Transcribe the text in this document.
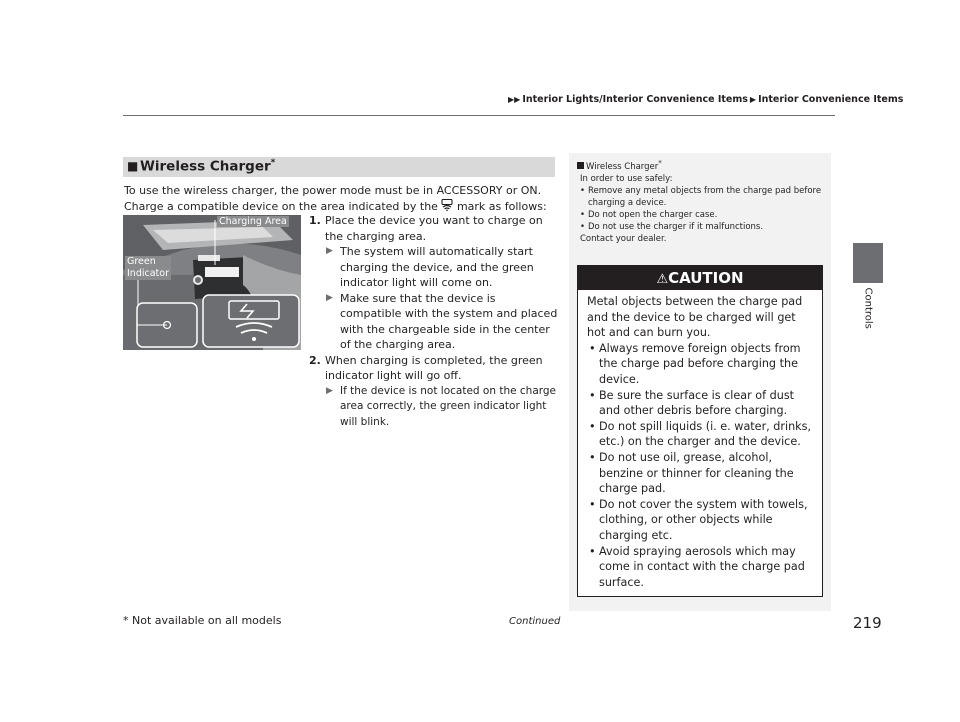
▶▶ Interior Lights/Interior Convenience Items ▶ Interior Convenience Items
Controls
■ Wireless Charger*
To use the wireless charger, the power mode must be in ACCESSORY or ON.
Charge a compatible device on the area indicated by the mark as follows:
Charging Area
Green
Indicator
1. Place the device you want to charge on the charging area.
▶ The system will automatically start charging the device, and the green indicator light will come on.
▶ Make sure that the device is compatible with the system and placed with the chargeable side in the center of the charging area.
2. When charging is completed, the green indicator light will go off.
▶ If the device is not located on the charge area correctly, the green indicator light will blink.
Wireless Charger*
In order to use safely:
• Remove any metal objects from the charge pad before charging a device.
• Do not open the charger case.
• Do not use the charger if it malfunctions.
Contact your dealer.
⚠CAUTION
Metal objects between the charge pad and the device to be charged will get hot and can burn you.
• Always remove foreign objects from the charge pad before charging the device.
• Be sure the surface is clear of dust and other debris before charging.
• Do not spill liquids (i. e. water, drinks, etc.) on the charger and the device.
• Do not use oil, grease, alcohol, benzine or thinner for cleaning the charge pad.
• Do not cover the system with towels, clothing, or other objects while charging etc.
• Avoid spraying aerosols which may come in contact with the charge pad surface.
* Not available on all models	Continued	219
